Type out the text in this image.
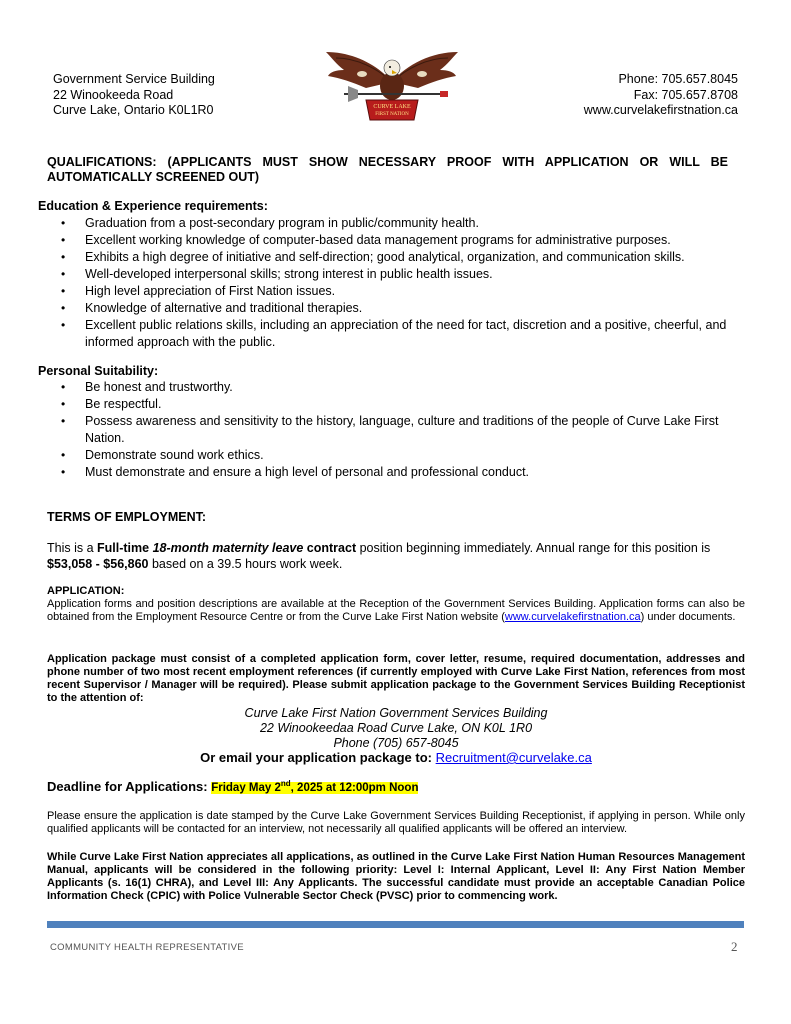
Government Service Building
22 Winookeeda Road
Curve Lake, Ontario K0L1R0	CURVE LAKE
FIRST NATION
Phone: 705.657.8045
Fax: 705.657.8708
www.curvelakefirstnation.ca
QUALIFICATIONS: (APPLICANTS MUST SHOW NECESSARY PROOF WITH APPLICATION OR WILL BE AUTOMATICALLY SCREENED OUT)
Education & Experience requirements:
• Graduation from a post-secondary program in public/community health.
• Excellent working knowledge of computer-based data management programs for administrative purposes.
• Exhibits a high degree of initiative and self-direction; good analytical, organization, and communication skills.
• Well-developed interpersonal skills; strong interest in public health issues.
• High level appreciation of First Nation issues.
• Knowledge of alternative and traditional therapies.
• Excellent public relations skills, including an appreciation of the need for tact, discretion and a positive, cheerful, and informed approach with the public.
Personal Suitability:
• Be honest and trustworthy.
• Be respectful.
• Possess awareness and sensitivity to the history, language, culture and traditions of the people of Curve Lake First Nation.
• Demonstrate sound work ethics.
• Must demonstrate and ensure a high level of personal and professional conduct.
TERMS OF EMPLOYMENT:
This is a Full-time 18-month maternity leave contract position beginning immediately. Annual range for this position is $53,058 - $56,860 based on a 39.5 hours work week.
APPLICATION:
Application forms and position descriptions are available at the Reception of the Government Services Building. Application forms can also be obtained from the Employment Resource Centre or from the Curve Lake First Nation website (www.curvelakefirstnation.ca) under documents.
Application package must consist of a completed application form, cover letter, resume, required documentation, addresses and phone number of two most recent employment references (if currently employed with Curve Lake First Nation, references from most recent Supervisor / Manager will be required). Please submit application package to the Government Services Building Receptionist to the attention of:
Curve Lake First Nation Government Services Building
22 Winookeedaa Road Curve Lake, ON K0L 1R0
Phone (705) 657-8045
Or email your application package to: Recruitment@curvelake.ca
Deadline for Applications: Friday May 2nd, 2025 at 12:00pm Noon
Please ensure the application is date stamped by the Curve Lake Government Services Building Receptionist, if applying in person. While only qualified applicants will be contacted for an interview, not necessarily all qualified applicants will be offered an interview.
While Curve Lake First Nation appreciates all applications, as outlined in the Curve Lake First Nation Human Resources Management Manual, applicants will be considered in the following priority: Level I: Internal Applicant, Level II: Any First Nation Member Applicants (s. 16(1) CHRA), and Level III: Any Applicants. The successful candidate must provide an acceptable Canadian Police Information Check (CPIC) with Police Vulnerable Sector Check (PVSC) prior to commencing work.
COMMUNITY HEALTH REPRESENTATIVE	2
